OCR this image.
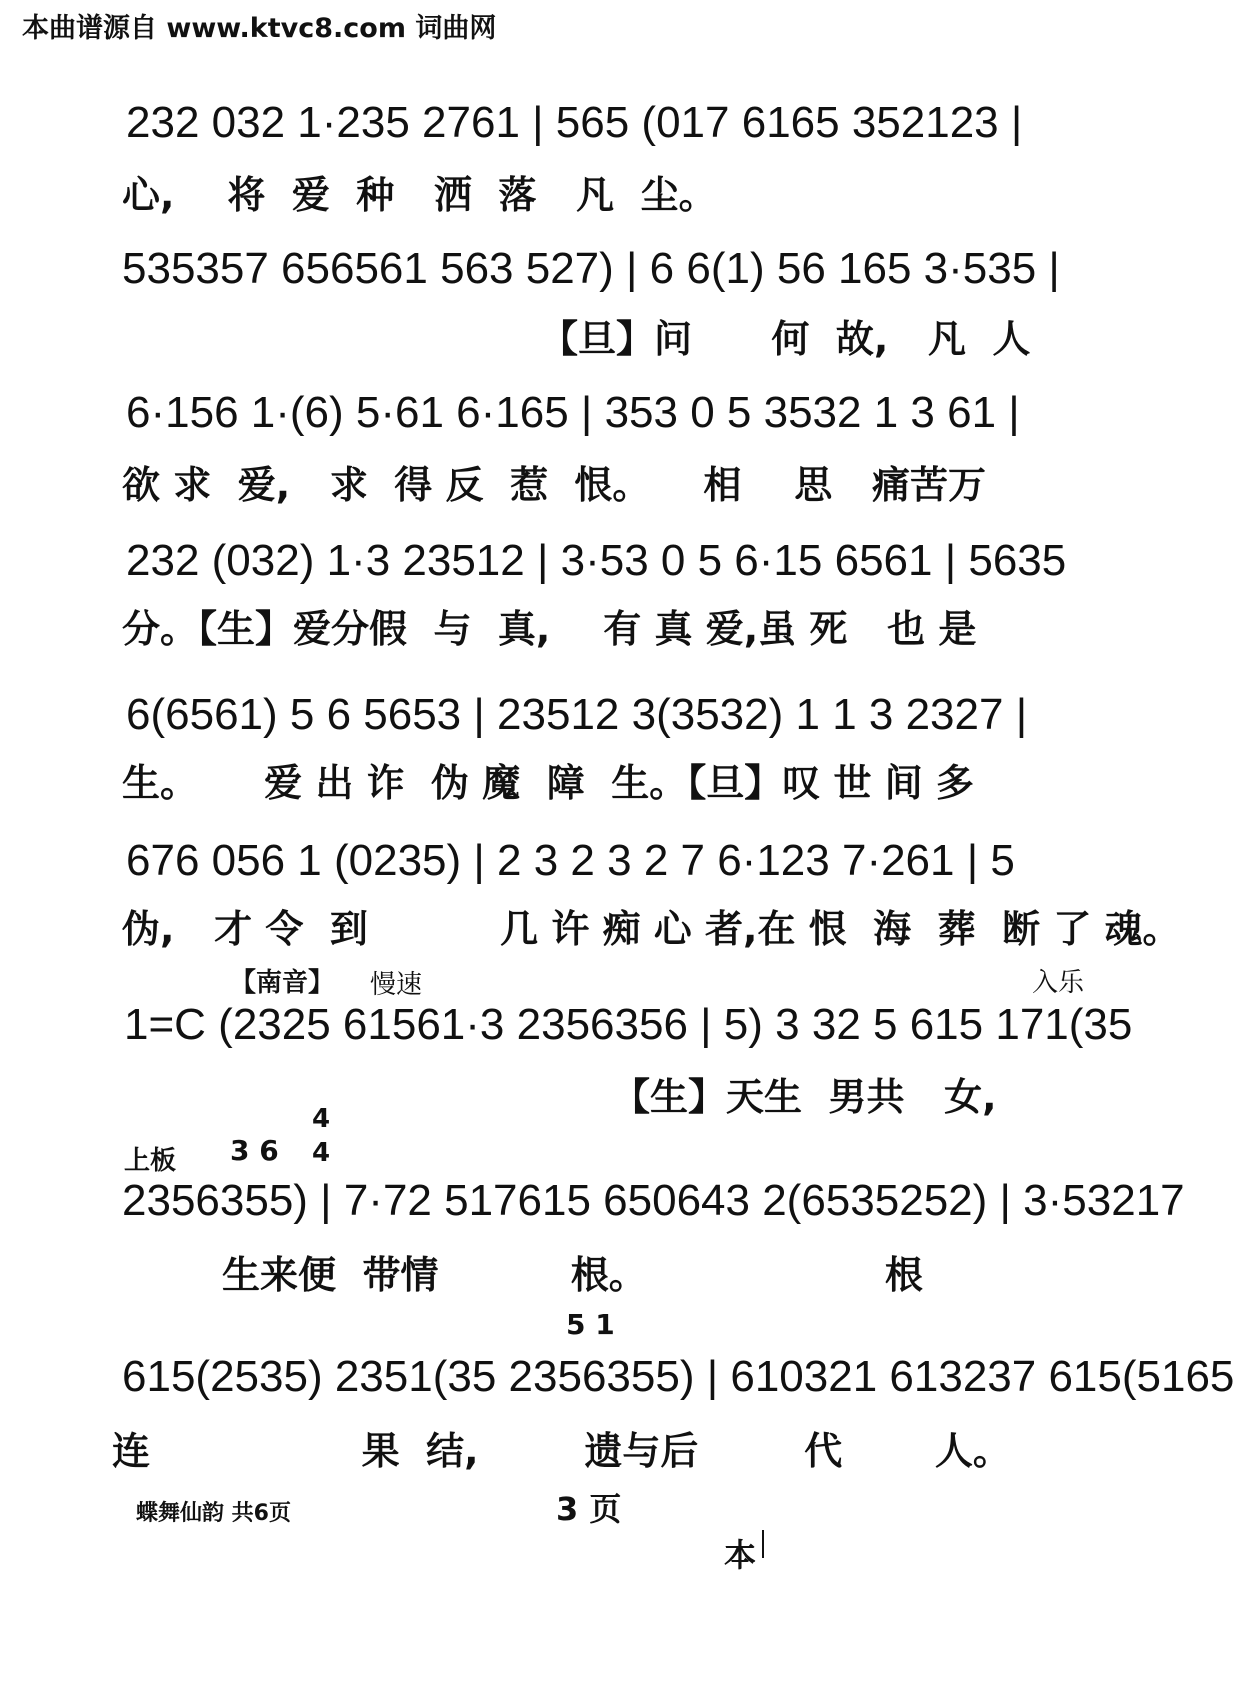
本曲谱源自 www.ktvc8.com 词曲网
232 032 1·235 2761 | 565 (017 6165 352123 |
心,    将  爱  种   洒  落   凡  尘。
535357 656561 563 527) | 6 6(1) 56 165 3·535 |
【旦】问      何  故,   凡  人
6·156 1·(6) 5·61 6·165 | 353 0 5 3532 1 3 61 |
欲 求  爱,   求  得 反  惹  恨。    相    思   痛苦万
232 (032) 1·3 23512 | 3·53 0 5 6·15 6561 | 5635
分。【生】爱分假  与  真,    有 真 爱,虽 死   也 是
6(6561) 5 6 5653 | 23512 3(3532) 1 1 3 2327 |
生。     爱 出 诈  伪 魔  障  生。【旦】叹 世 间 多
676 056 1 (0235) | 2 3 2 3 2 7 6·123 7·261 | 5
伪,   才 令  到          几 许 痴 心 者,在 恨  海  葬  断 了 魂。
【南音】 慢速	入乐
1=C (2325 61561·3 2356356 | 5) 3 32 5 615 171(35
【生】天生  男共   女,
上板 3 6
4
4
2356355) | 7·72 517615 650643 2(6535252) | 3·53217
生来便  带情          根。                  根
5 1
615(2535) 2351(35 2356355) | 610321 613237 615(5165
连                果  结,        遗与后        代       人。
蝶舞仙韵 共6页	3 页
本
